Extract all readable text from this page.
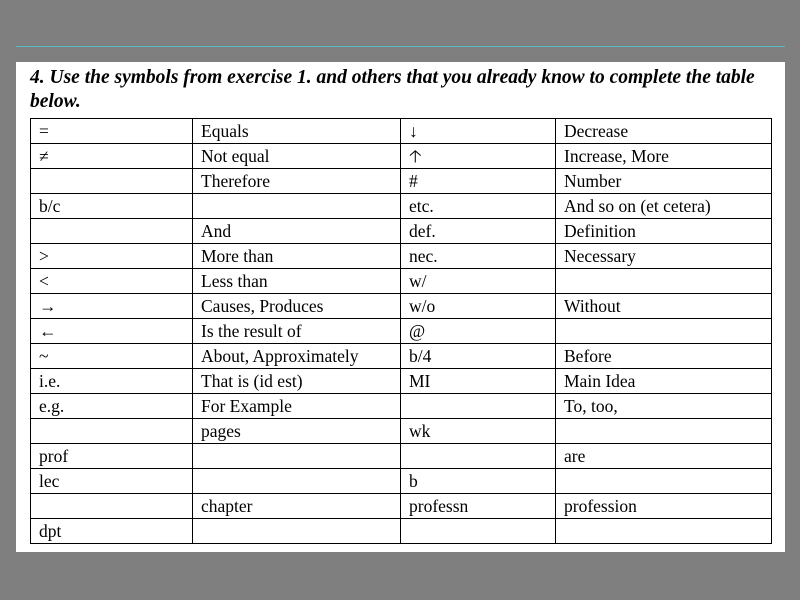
4. Use the symbols from exercise 1. and others that you already know to complete the table below.

=	Equals	↓	Decrease
≠	Not equal	🡡	Increase, More
	Therefore	#	Number
b/c		etc.	And so on (et cetera)
	And	def.	Definition
>	More than	nec.	Necessary
<	Less than	w/	
→	Causes, Produces	w/o	Without
←	Is the result of	@	
~	About, Approximately	b/4	Before
i.e.	That is (id est)	MI	Main Idea
e.g.	For Example		To, too,
	pages	wk	
prof			are
lec		b	
	chapter	professn	profession
dpt			
